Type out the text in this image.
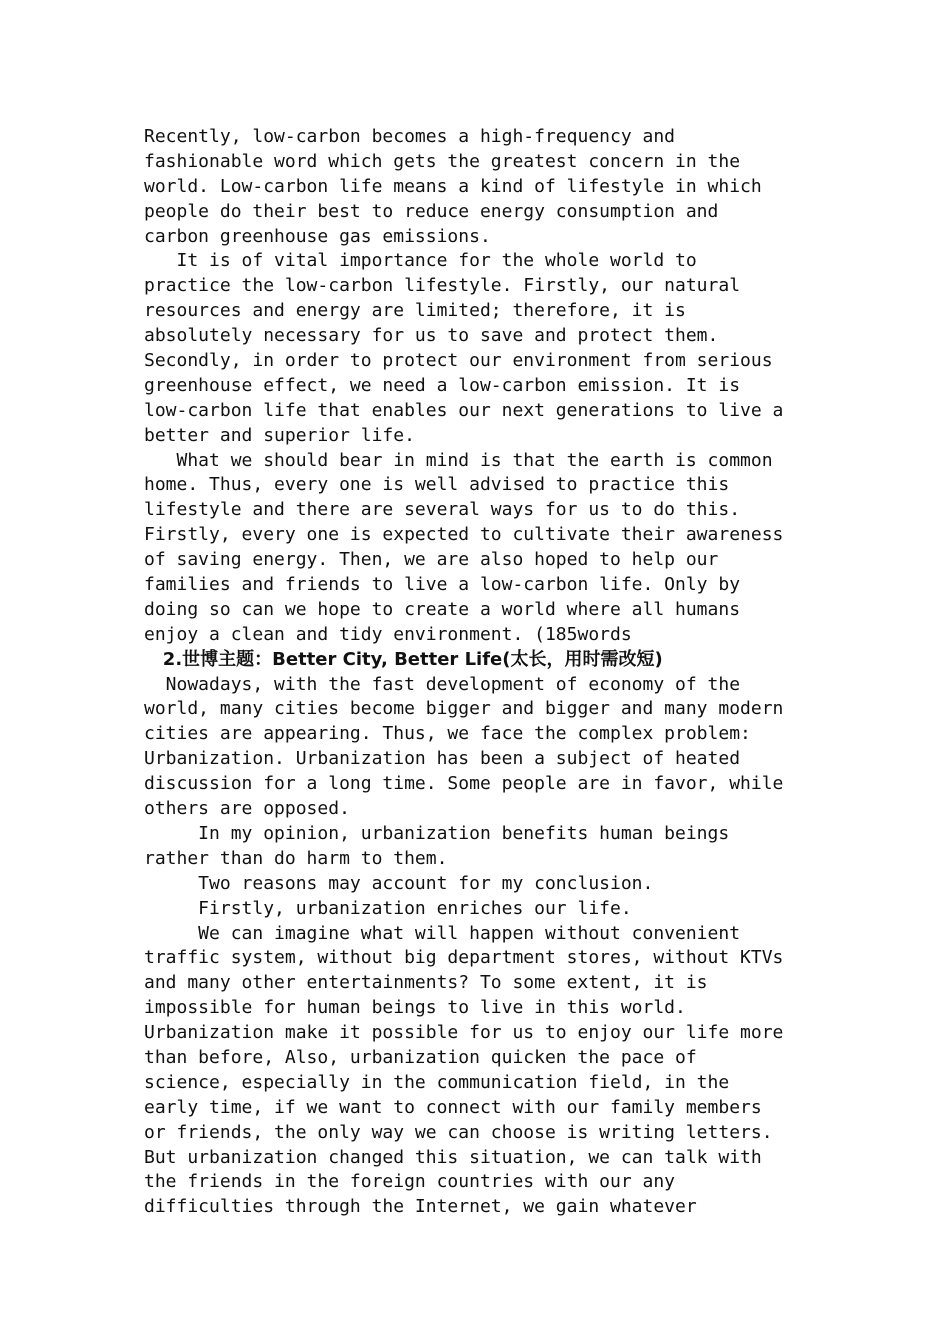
Recently, low-carbon becomes a high-frequency and
fashionable word which gets the greatest concern in the
world. Low-carbon life means a kind of lifestyle in which
people do their best to reduce energy consumption and
carbon greenhouse gas emissions.
It is of vital importance for the whole world to
practice the low-carbon lifestyle. Firstly, our natural
resources and energy are limited; therefore, it is
absolutely necessary for us to save and protect them.
Secondly, in order to protect our environment from serious
greenhouse effect, we need a low-carbon emission. It is
low-carbon life that enables our next generations to live a
better and superior life.
What we should bear in mind is that the earth is common
home. Thus, every one is well advised to practice this
lifestyle and there are several ways for us to do this.
Firstly, every one is expected to cultivate their awareness
of saving energy. Then, we are also hoped to help our
families and friends to live a low-carbon life. Only by
doing so can we hope to create a world where all humans
enjoy a clean and tidy environment. (185words
2.世博主题：Better City, Better Life(太长，用时需改短)
Nowadays, with the fast development of economy of the
world, many cities become bigger and bigger and many modern
cities are appearing. Thus, we face the complex problem:
Urbanization. Urbanization has been a subject of heated
discussion for a long time. Some people are in favor, while
others are opposed.
In my opinion, urbanization benefits human beings
rather than do harm to them.
Two reasons may account for my conclusion.
Firstly, urbanization enriches our life.
We can imagine what will happen without convenient
traffic system, without big department stores, without KTVs
and many other entertainments? To some extent, it is
impossible for human beings to live in this world.
Urbanization make it possible for us to enjoy our life more
than before, Also, urbanization quicken the pace of
science, especially in the communication field, in the
early time, if we want to connect with our family members
or friends, the only way we can choose is writing letters.
But urbanization changed this situation, we can talk with
the friends in the foreign countries with our any
difficulties through the Internet, we gain whatever
